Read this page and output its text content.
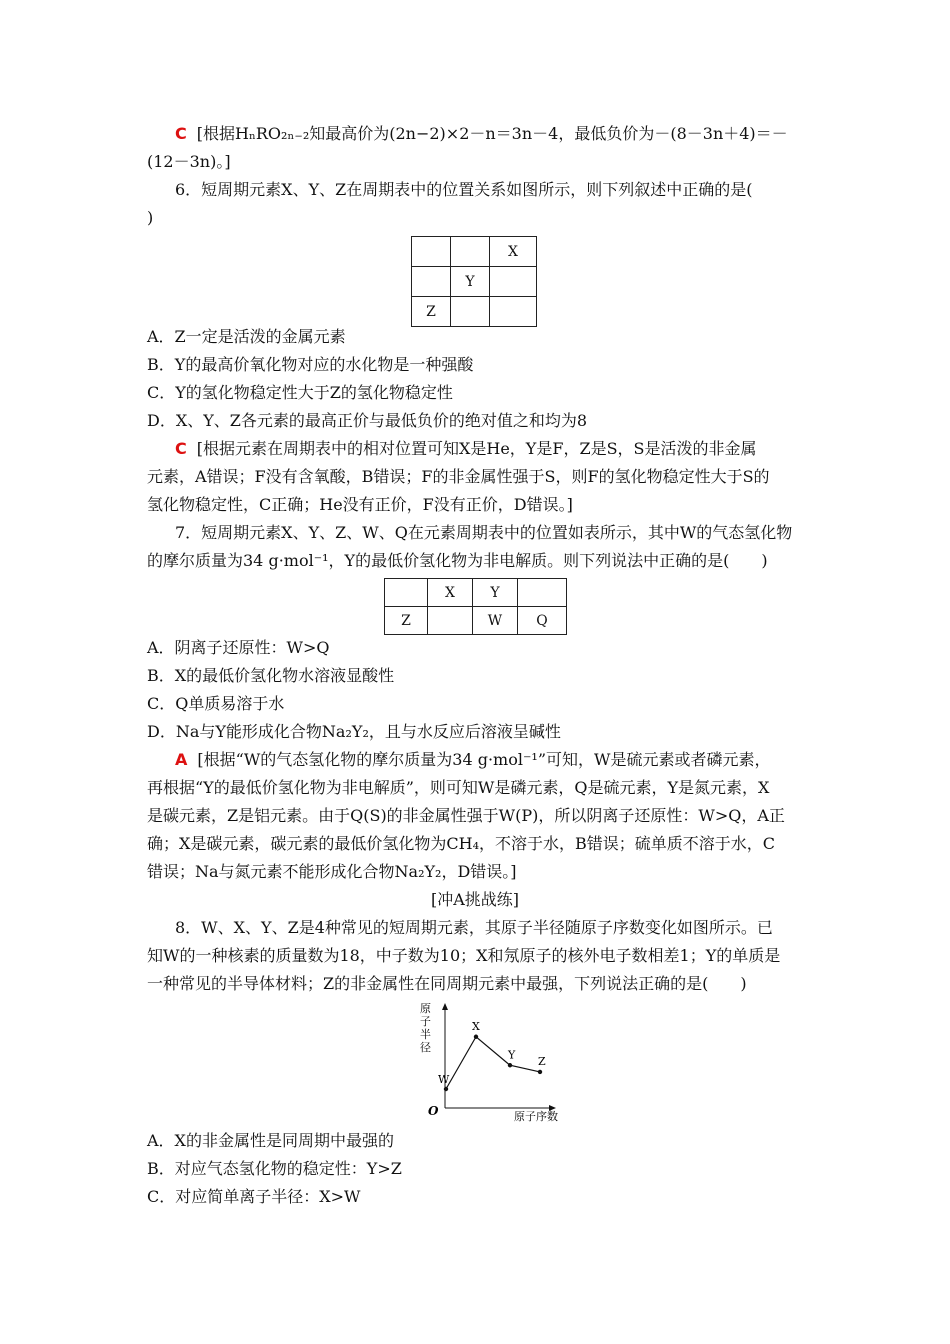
C [根据HₙRO₂ₙ₋₂知最高价为(2n−2)×2－n＝3n－4，最低负价为－(8－3n＋4)＝－
(12－3n)。]
6．短周期元素X、Y、Z在周期表中的位置关系如图所示，则下列叙述中正确的是(
)
		X
	Y	
Z		
A．Z一定是活泼的金属元素
B．Y的最高价氧化物对应的水化物是一种强酸
C．Y的氢化物稳定性大于Z的氢化物稳定性
D．X、Y、Z各元素的最高正价与最低负价的绝对值之和均为8
C [根据元素在周期表中的相对位置可知X是He，Y是F，Z是S，S是活泼的非金属
元素，A错误；F没有含氧酸，B错误；F的非金属性强于S，则F的氢化物稳定性大于S的
氢化物稳定性，C正确；He没有正价，F没有正价，D错误。]
7．短周期元素X、Y、Z、W、Q在元素周期表中的位置如表所示，其中W的气态氢化物
的摩尔质量为34 g·mol⁻¹，Y的最低价氢化物为非电解质。则下列说法中正确的是(　　)
	X	Y	
Z		W	Q
A．阴离子还原性：W>Q
B．X的最低价氢化物水溶液显酸性
C．Q单质易溶于水
D．Na与Y能形成化合物Na₂Y₂，且与水反应后溶液呈碱性
A [根据“W的气态氢化物的摩尔质量为34 g·mol⁻¹”可知，W是硫元素或者磷元素，
再根据“Y的最低价氢化物为非电解质”，则可知W是磷元素，Q是硫元素，Y是氮元素，X
是碳元素，Z是铝元素。由于Q(S)的非金属性强于W(P)，所以阴离子还原性：W>Q，A正
确；X是碳元素，碳元素的最低价氢化物为CH₄，不溶于水，B错误；硫单质不溶于水，C
错误；Na与氮元素不能形成化合物Na₂Y₂，D错误。]
[冲A挑战练]
8．W、X、Y、Z是4种常见的短周期元素，其原子半径随原子序数变化如图所示。已
知W的一种核素的质量数为18，中子数为10；X和氖原子的核外电子数相差1；Y的单质是
一种常见的半导体材料；Z的非金属性在同周期元素中最强，下列说法正确的是(　　)
O
原子半径
原子序数
W
X
Y
Z
A．X的非金属性是同周期中最强的
B．对应气态氢化物的稳定性：Y>Z
C．对应简单离子半径：X>W
